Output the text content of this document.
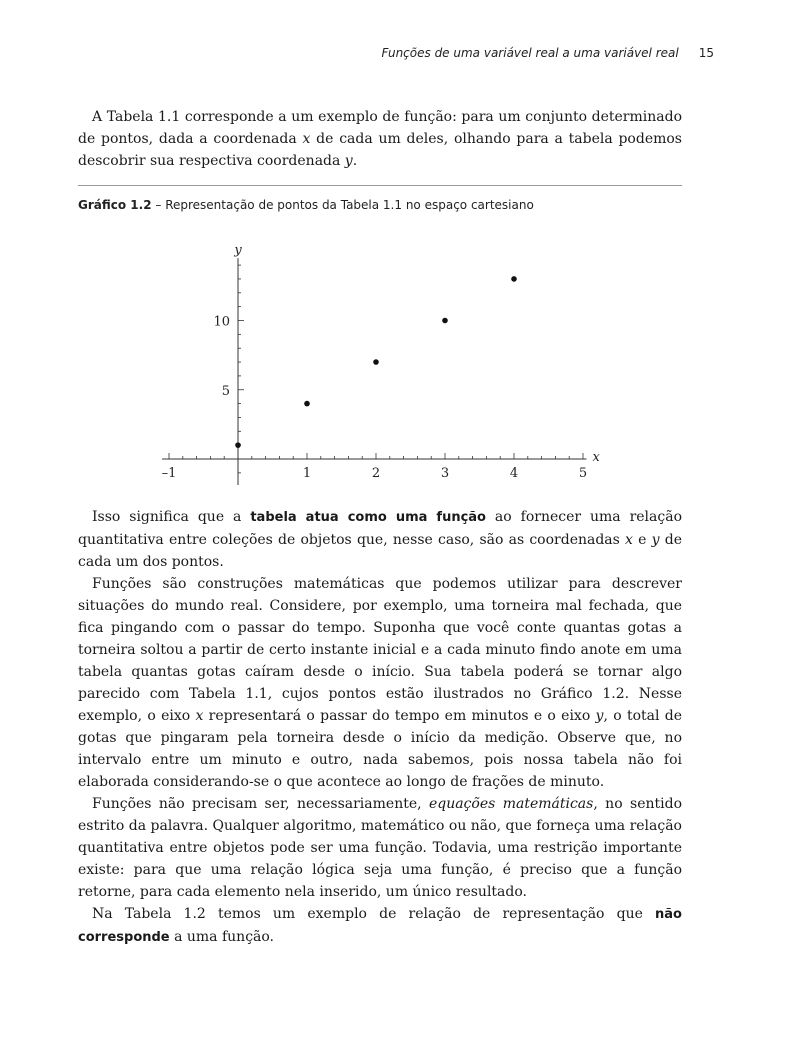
Funções de uma variável real a uma variável real 15

A Tabela 1.1 corresponde a um exemplo de função: para um conjunto determinado de pontos, dada a coordenada x de cada um deles, olhando para a tabela podemos descobrir sua respectiva coordenada y.

Gráfico 1.2 – Representação de pontos da Tabela 1.1 no espaço cartesiano
–1	1	2	3	4	5
5
10
x
y

Isso significa que a tabela atua como uma função ao fornecer uma relação quantitativa entre coleções de objetos que, nesse caso, são as coordenadas x e y de cada um dos pontos.

Funções são construções matemáticas que podemos utilizar para descrever situações do mundo real. Considere, por exemplo, uma torneira mal fechada, que fica pingando com o passar do tempo. Suponha que você conte quantas gotas a torneira soltou a partir de certo instante inicial e a cada minuto findo anote em uma tabela quantas gotas caíram desde o início. Sua tabela poderá se tornar algo parecido com Tabela 1.1, cujos pontos estão ilustrados no Gráfico 1.2. Nesse exemplo, o eixo x representará o passar do tempo em minutos e o eixo y, o total de gotas que pingaram pela torneira desde o início da medição. Observe que, no intervalo entre um minuto e outro, nada sabemos, pois nossa tabela não foi elaborada considerando-se o que acontece ao longo de frações de minuto.

Funções não precisam ser, necessariamente, equações matemáticas, no sentido estrito da palavra. Qualquer algoritmo, matemático ou não, que forneça uma relação quantitativa entre objetos pode ser uma função. Todavia, uma restrição importante existe: para que uma relação lógica seja uma função, é preciso que a função retorne, para cada elemento nela inserido, um único resultado.

Na Tabela 1.2 temos um exemplo de relação de representação que não corresponde a uma função.
